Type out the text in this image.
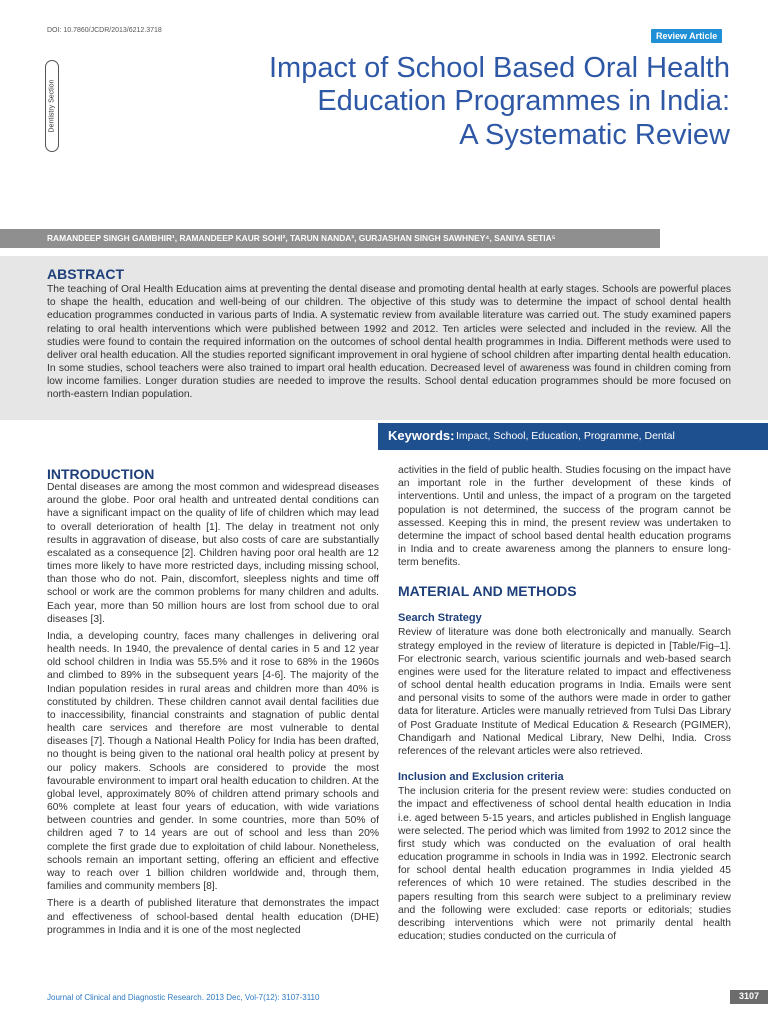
DOI: 10.7860/JCDR/2013/6212.3718
Review Article
Dentistry Section
Impact of School Based Oral Health
Education Programmes in India:
A Systematic Review
RAMANDEEP SINGH GAMBHIR¹, RAMANDEEP KAUR SOHI², TARUN NANDA³, GURJASHAN SINGH SAWHNEY⁴, SANIYA SETIA⁵
ABSTRACT
The teaching of Oral Health Education aims at preventing the dental disease and promoting dental health at early stages. Schools are powerful places to shape the health, education and well-being of our children. The objective of this study was to determine the impact of school dental health education programmes conducted in various parts of India. A systematic review from available literature was carried out. The study examined papers relating to oral health interventions which were published between 1992 and 2012. Ten articles were selected and included in the review. All the studies were found to contain the required information on the outcomes of school dental health programmes in India. Different methods were used to deliver oral health education. All the studies reported significant improvement in oral hygiene of school children after imparting dental health education. In some studies, school teachers were also trained to impart oral health education. Decreased level of awareness was found in children coming from low income families. Longer duration studies are needed to improve the results. School dental education programmes should be more focused on north-eastern Indian population.
Keywords: Impact, School, Education, Programme, Dental
INTRODUCTION

Dental diseases are among the most common and widespread diseases around the globe. Poor oral health and untreated dental conditions can have a significant impact on the quality of life of children which may lead to overall deterioration of health [1]. The delay in treatment not only results in aggravation of disease, but also costs of care are substantially escalated as a consequence [2]. Children having poor oral health are 12 times more likely to have more restricted days, including missing school, than those who do not. Pain, discomfort, sleepless nights and time off school or work are the common problems for many children and adults. Each year, more than 50 million hours are lost from school due to oral diseases [3].

India, a developing country, faces many challenges in delivering oral health needs. In 1940, the prevalence of dental caries in 5 and 12 year old school children in India was 55.5% and it rose to 68% in the 1960s and climbed to 89% in the subsequent years [4-6]. The majority of the Indian population resides in rural areas and children more than 40% is constituted by children. These children cannot avail dental facilities due to inaccessibility, financial constraints and stagnation of public dental health care services and therefore are most vulnerable to dental diseases [7]. Though a National Health Policy for India has been drafted, no thought is being given to the national oral health policy at present by our policy makers. Schools are considered to provide the most favourable environment to impart oral health education to children. At the global level, approximately 80% of children attend primary schools and 60% complete at least four years of education, with wide variations between countries and gender. In some countries, more than 50% of children aged 7 to 14 years are out of school and less than 20% complete the first grade due to exploitation of child labour. Nonetheless, schools remain an important setting, offering an efficient and effective way to reach over 1 billion children worldwide and, through them, families and community members [8].

There is a dearth of published literature that demonstrates the impact and effectiveness of school-based dental health education (DHE) programmes in India and it is one of the most neglected

activities in the field of public health. Studies focusing on the impact have an important role in the further development of these kinds of interventions. Until and unless, the impact of a program on the targeted population is not determined, the success of the program cannot be assessed. Keeping this in mind, the present review was undertaken to determine the impact of school based dental health education programs in India and to create awareness among the planners to ensure long-term benefits.

MATERIAL AND METHODS
Search Strategy

Review of literature was done both electronically and manually. Search strategy employed in the review of literature is depicted in [Table/Fig–1]. For electronic search, various scientific journals and web-based search engines were used for the literature related to impact and effectiveness of school dental health education programs in India. Emails were sent and personal visits to some of the authors were made in order to gather data for literature. Articles were manually retrieved from Tulsi Das Library of Post Graduate Institute of Medical Education & Research (PGIMER), Chandigarh and National Medical Library, New Delhi, India. Cross references of the relevant articles were also retrieved.

Inclusion and Exclusion criteria

The inclusion criteria for the present review were: studies conducted on the impact and effectiveness of school dental health education in India i.e. aged between 5-15 years, and articles published in English language were selected. The period which was limited from 1992 to 2012 since the first study which was conducted on the evaluation of oral health education programme in schools in India was in 1992. Electronic search for school dental health education programmes in India yielded 45 references of which 10 were retained. The studies described in the papers resulting from this search were subject to a preliminary review and the following were excluded: case reports or editorials; studies describing interventions which were not primarily dental health education; studies conducted on the curricula of

Journal of Clinical and Diagnostic Research. 2013 Dec, Vol-7(12): 3107-3110	3107
